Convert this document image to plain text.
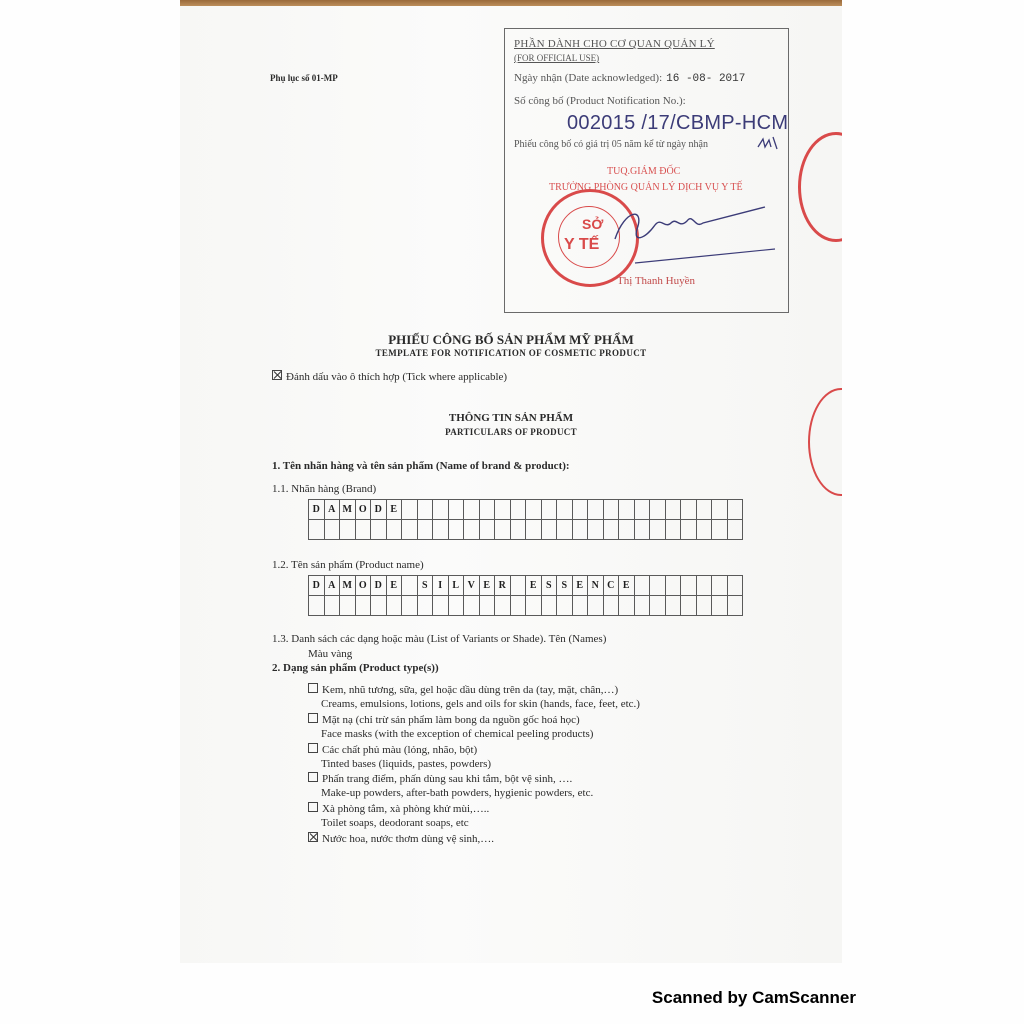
Phụ lục số 01-MP
PHẦN DÀNH CHO CƠ QUAN QUẢN LÝ
(FOR OFFICIAL USE)
Ngày nhận (Date acknowledged): 16 -08- 2017
Số công bố (Product Notification No.):
002015 /17/CBMP-HCM
Phiếu công bố có giá trị 05 năm kể từ ngày nhận
TUQ.GIÁM ĐỐC
TRƯỞNG PHÒNG QUẢN LÝ DỊCH VỤ Y TẾ
SỞ
Y TẾ
Thị Thanh Huyền
PHIẾU CÔNG BỐ SẢN PHẨM MỸ PHẨM
TEMPLATE FOR NOTIFICATION OF COSMETIC PRODUCT
Đánh dấu vào ô thích hợp (Tick where applicable)
THÔNG TIN SẢN PHẨM
PARTICULARS OF PRODUCT
1. Tên nhãn hàng và tên sản phẩm (Name of brand & product):
1.1. Nhãn hàng (Brand)
D	A	M	O	D	E																						

1.2. Tên sản phẩm (Product name)
D	A	M	O	D	E		S	I	L	V	E	R		E	S	S	E	N	C	E							

1.3. Danh sách các dạng hoặc màu (List of Variants or Shade). Tên (Names)
Màu vàng
2. Dạng sản phẩm (Product type(s))
Kem, nhũ tương, sữa, gel hoặc dầu dùng trên da (tay, mặt, chân,…)
Creams, emulsions, lotions, gels and oils for skin (hands, face, feet, etc.)
Mặt nạ (chỉ trừ sản phẩm làm bong da nguồn gốc hoá học)
Face masks (with the exception of chemical peeling products)
Các chất phủ màu (lỏng, nhão, bột)
Tinted bases (liquids, pastes, powders)
Phấn trang điểm, phấn dùng sau khi tắm, bột vệ sinh, ….
Make-up powders, after-bath powders, hygienic powders, etc.
Xà phòng tắm, xà phòng khử mùi,…..
Toilet soaps, deodorant soaps, etc
Nước hoa, nước thơm dùng vệ sinh,….
Scanned by CamScanner
